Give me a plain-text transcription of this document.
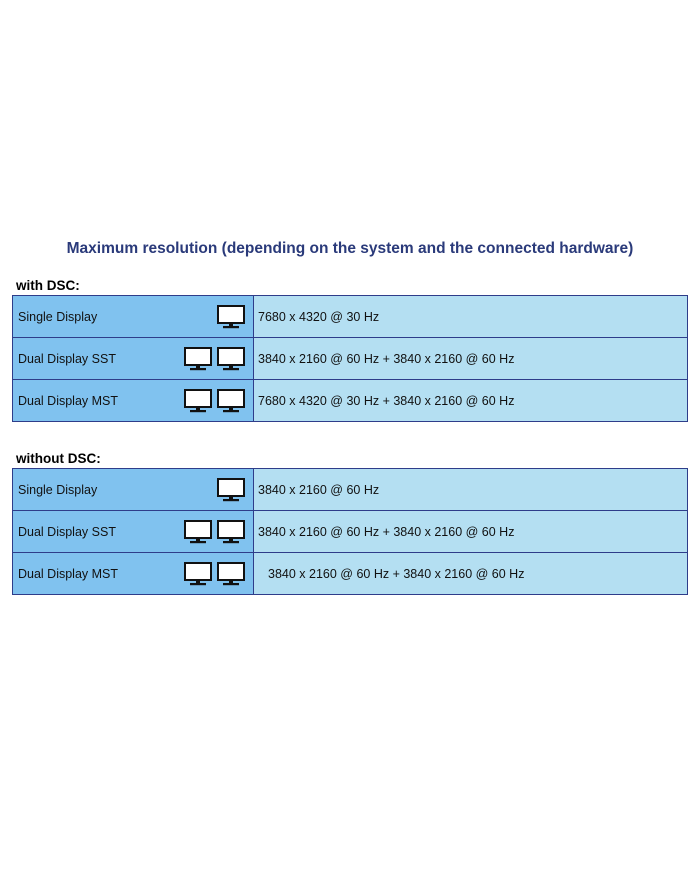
Maximum resolution (depending on the system and the connected hardware)
with DSC:
Single Display	7680 x 4320 @ 30 Hz

Dual Display SST	3840 x 2160 @ 60 Hz + 3840 x 2160 @ 60 Hz

Dual Display MST	7680 x 4320 @ 30 Hz + 3840 x 2160 @ 60 Hz
without DSC:
Single Display	3840 x 2160 @ 60 Hz

Dual Display SST	3840 x 2160 @ 60 Hz + 3840 x 2160 @ 60 Hz

Dual Display MST	3840 x 2160 @ 60 Hz + 3840 x 2160 @ 60 Hz
